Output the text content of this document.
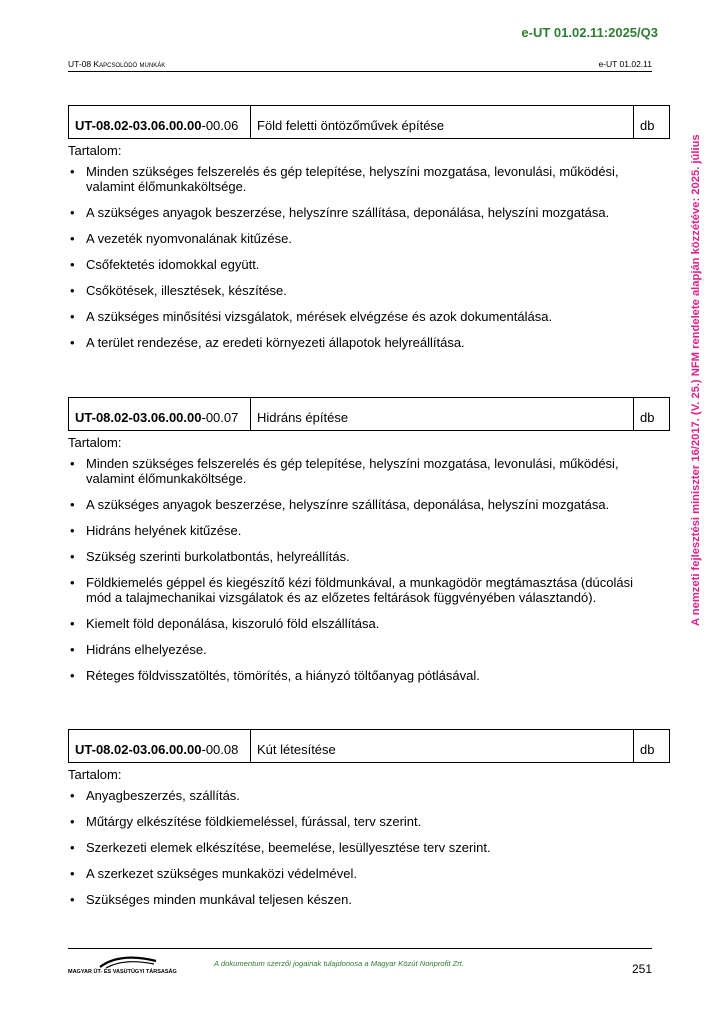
e-UT 01.02.11:2025/Q3
UT-08 Kapcsolódó munkák	e-UT 01.02.11
A nemzeti fejlesztési miniszter 16/2017. (V. 25.) NFM rendelete alapján közzétéve: 2025. július
UT-08.02-03.06.00.00-00.06	Föld feletti öntözőművek építése	db
Tartalom:
• Minden szükséges felszerelés és gép telepítése, helyszíni mozgatása, levonulási, működési, valamint élőmunkaköltsége.
• A szükséges anyagok beszerzése, helyszínre szállítása, deponálása, helyszíni mozgatása.
• A vezeték nyomvonalának kitűzése.
• Csőfektetés idomokkal együtt.
• Csőkötések, illesztések, készítése.
• A szükséges minősítési vizsgálatok, mérések elvégzése és azok dokumentálása.
• A terület rendezése, az eredeti környezeti állapotok helyreállítása.
UT-08.02-03.06.00.00-00.07	Hidráns építése	db
Tartalom:
• Minden szükséges felszerelés és gép telepítése, helyszíni mozgatása, levonulási, működési, valamint élőmunkaköltsége.
• A szükséges anyagok beszerzése, helyszínre szállítása, deponálása, helyszíni mozgatása.
• Hidráns helyének kitűzése.
• Szükség szerinti burkolatbontás, helyreállítás.
• Földkiemelés géppel és kiegészítő kézi földmunkával, a munkagödör megtámasztása (dúcolási mód a talajmechanikai vizsgálatok és az előzetes feltárások függvényében választandó).
• Kiemelt föld deponálása, kiszoruló föld elszállítása.
• Hidráns elhelyezése.
• Réteges földvisszatöltés, tömörítés, a hiányzó töltőanyag pótlásával.
UT-08.02-03.06.00.00-00.08	Kút létesítése	db
Tartalom:
• Anyagbeszerzés, szállítás.
• Műtárgy elkészítése földkiemeléssel, fúrással, terv szerint.
• Szerkezeti elemek elkészítése, beemelése, lesüllyesztése terv szerint.
• A szerkezet szükséges munkaközi védelmével.
• Szükséges minden munkával teljesen készen.
MAGYAR ÚT- ÉS VASÚTÜGYI TÁRSASÁG
A dokumentum szerzői jogainak tulajdonosa a Magyar Közút Nonprofit Zrt.	251
